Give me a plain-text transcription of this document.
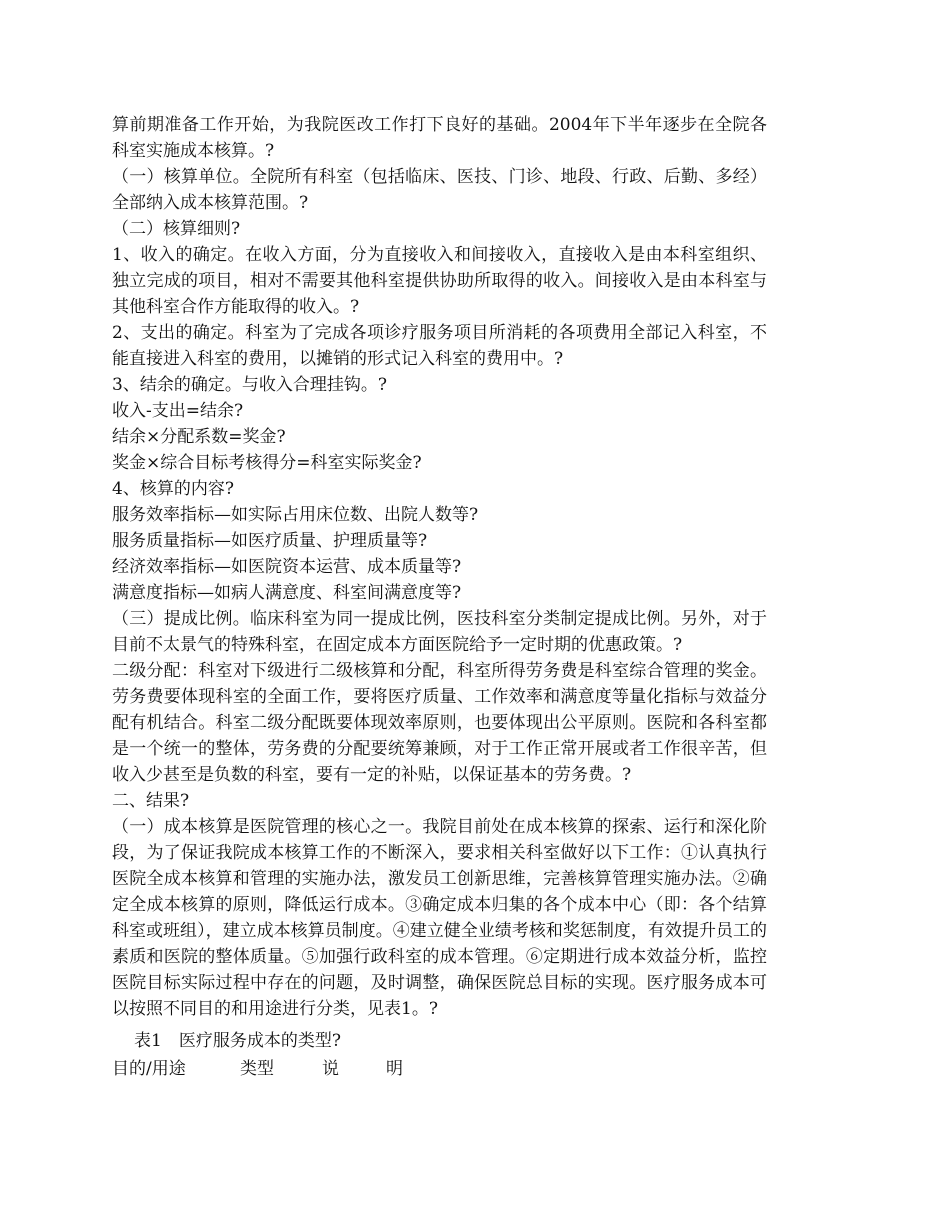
算前期准备工作开始，为我院医改工作打下良好的基础。2004年下半年逐步在全院各科室实施成本核算。?

（一）核算单位。全院所有科室（包括临床、医技、门诊、地段、行政、后勤、多经）全部纳入成本核算范围。?

（二）核算细则?

1、收入的确定。在收入方面，分为直接收入和间接收入，直接收入是由本科室组织、独立完成的项目，相对不需要其他科室提供协助所取得的收入。间接收入是由本科室与其他科室合作方能取得的收入。?

2、支出的确定。科室为了完成各项诊疗服务项目所消耗的各项费用全部记入科室，不能直接进入科室的费用，以摊销的形式记入科室的费用中。?

3、结余的确定。与收入合理挂钩。?

收入-支出=结余?

结余×分配系数=奖金?

奖金×综合目标考核得分=科室实际奖金?

4、核算的内容?

服务效率指标—如实际占用床位数、出院人数等?

服务质量指标—如医疗质量、护理质量等?

经济效率指标—如医院资本运营、成本质量等?

满意度指标—如病人满意度、科室间满意度等?

（三）提成比例。临床科室为同一提成比例，医技科室分类制定提成比例。另外，对于目前不太景气的特殊科室，在固定成本方面医院给予一定时期的优惠政策。?

二级分配：科室对下级进行二级核算和分配，科室所得劳务费是科室综合管理的奖金。劳务费要体现科室的全面工作，要将医疗质量、工作效率和满意度等量化指标与效益分配有机结合。科室二级分配既要体现效率原则，也要体现出公平原则。医院和各科室都是一个统一的整体，劳务费的分配要统筹兼顾，对于工作正常开展或者工作很辛苦，但收入少甚至是负数的科室，要有一定的补贴，以保证基本的劳务费。?

二、结果?

（一）成本核算是医院管理的核心之一。我院目前处在成本核算的探索、运行和深化阶段，为了保证我院成本核算工作的不断深入，要求相关科室做好以下工作：①认真执行医院全成本核算和管理的实施办法，激发员工创新思维，完善核算管理实施办法。②确定全成本核算的原则，降低运行成本。③确定成本归集的各个成本中心（即：各个结算科室或班组），建立成本核算员制度。④建立健全业绩考核和奖惩制度，有效提升员工的素质和医院的整体质量。⑤加强行政科室的成本管理。⑥定期进行成本效益分析，监控医院目标实际过程中存在的问题，及时调整，确保医院总目标的实现。医疗服务成本可以按照不同目的和用途进行分类，见表1。?

表1　医疗服务成本的类型?

目的/用途	类型	说	明
